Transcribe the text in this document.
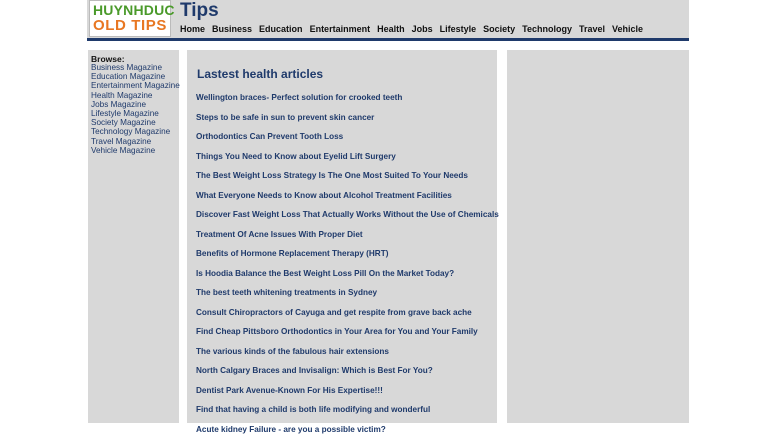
HUYNHDUC
OLD TIPS
Tips
Home Business Education Entertainment Health Jobs Lifestyle Society Technology Travel Vehicle
Browse:
Business Magazine
Education Magazine
Entertainment Magazine
Health Magazine
Jobs Magazine
Lifestyle Magazine
Society Magazine
Technology Magazine
Travel Magazine
Vehicle Magazine
Lastest health articles
Wellington braces- Perfect solution for crooked teeth
Steps to be safe in sun to prevent skin cancer
Orthodontics Can Prevent Tooth Loss
Things You Need to Know about Eyelid Lift Surgery
The Best Weight Loss Strategy Is The One Most Suited To Your Needs
What Everyone Needs to Know about Alcohol Treatment Facilities
Discover Fast Weight Loss That Actually Works Without the Use of Chemicals
Treatment Of Acne Issues With Proper Diet
Benefits of Hormone Replacement Therapy (HRT)
Is Hoodia Balance the Best Weight Loss Pill On the Market Today?
The best teeth whitening treatments in Sydney
Consult Chiropractors of Cayuga and get respite from grave back ache
Find Cheap Pittsboro Orthodontics in Your Area for You and Your Family
The various kinds of the fabulous hair extensions
North Calgary Braces and Invisalign: Which is Best For You?
Dentist Park Avenue-Known For His Expertise!!!
Find that having a child is both life modifying and wonderful
Acute kidney Failure - are you a possible victim?
